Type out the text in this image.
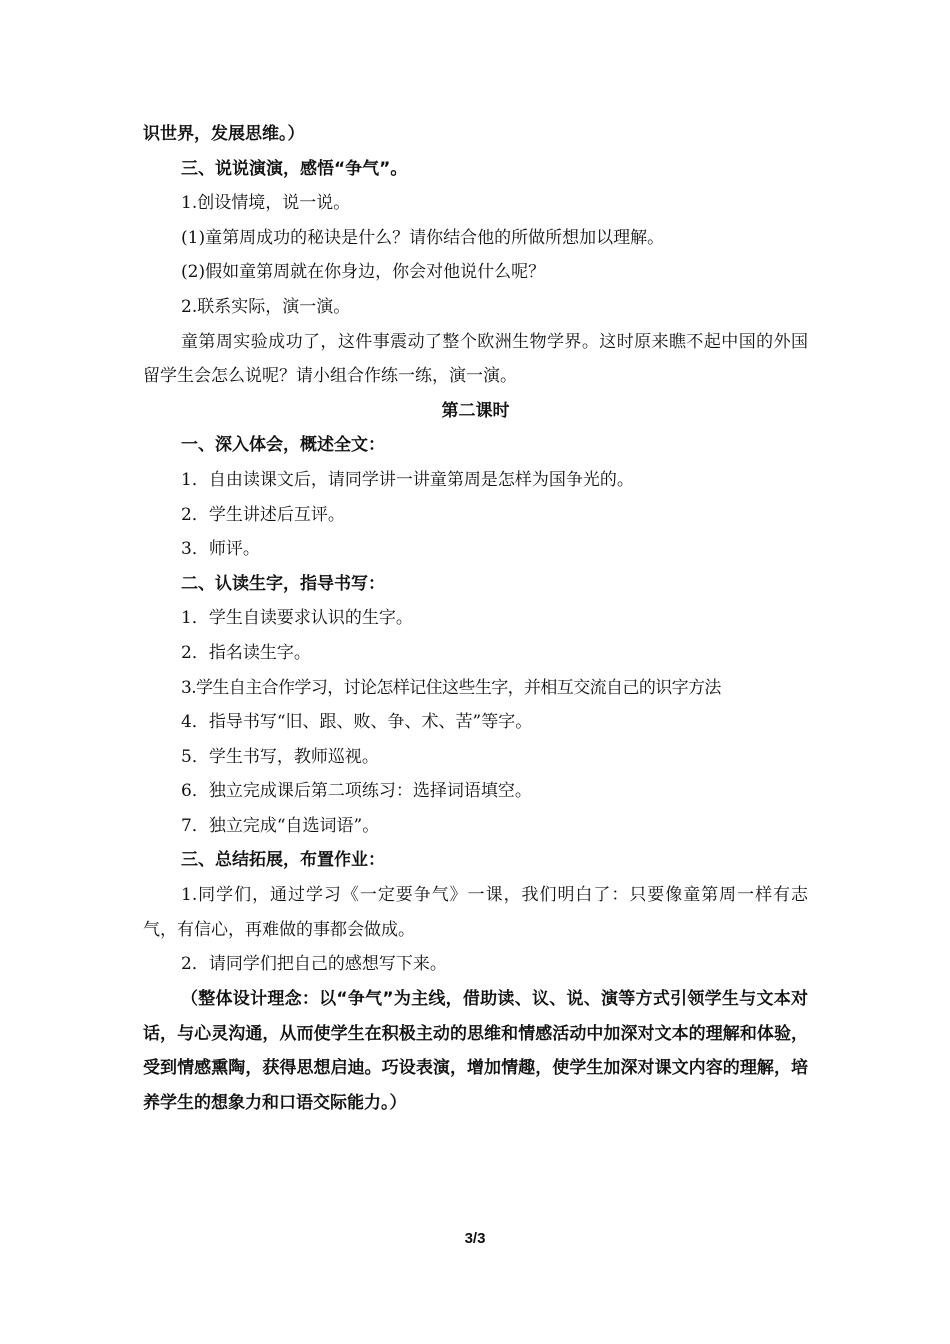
识世界，发展思维。）

三、说说演演，感悟“争气”。

1.创设情境，说一说。

(1)童第周成功的秘诀是什么？请你结合他的所做所想加以理解。

(2)假如童第周就在你身边，你会对他说什么呢？

2.联系实际，演一演。

童第周实验成功了，这件事震动了整个欧洲生物学界。这时原来瞧不起中国的外国留学生会怎么说呢？请小组合作练一练，演一演。

第二课时

一、深入体会，概述全文：

1．自由读课文后，请同学讲一讲童第周是怎样为国争光的。

2．学生讲述后互评。

3．师评。

二、认读生字，指导书写：

1．学生自读要求认识的生字。

2．指名读生字。

3.学生自主合作学习，讨论怎样记住这些生字，并相互交流自己的识字方法

4．指导书写“旧、跟、败、争、术、苦”等字。

5．学生书写，教师巡视。

6．独立完成课后第二项练习：选择词语填空。

7．独立完成“自选词语”。

三、总结拓展，布置作业：

1.同学们，通过学习《一定要争气》一课，我们明白了：只要像童第周一样有志气，有信心，再难做的事都会做成。

2．请同学们把自己的感想写下来。

（整体设计理念：以“争气”为主线，借助读、议、说、演等方式引领学生与文本对话，与心灵沟通，从而使学生在积极主动的思维和情感活动中加深对文本的理解和体验，受到情感熏陶，获得思想启迪。巧设表演，增加情趣，使学生加深对课文内容的理解，培养学生的想象力和口语交际能力。）

3/3
